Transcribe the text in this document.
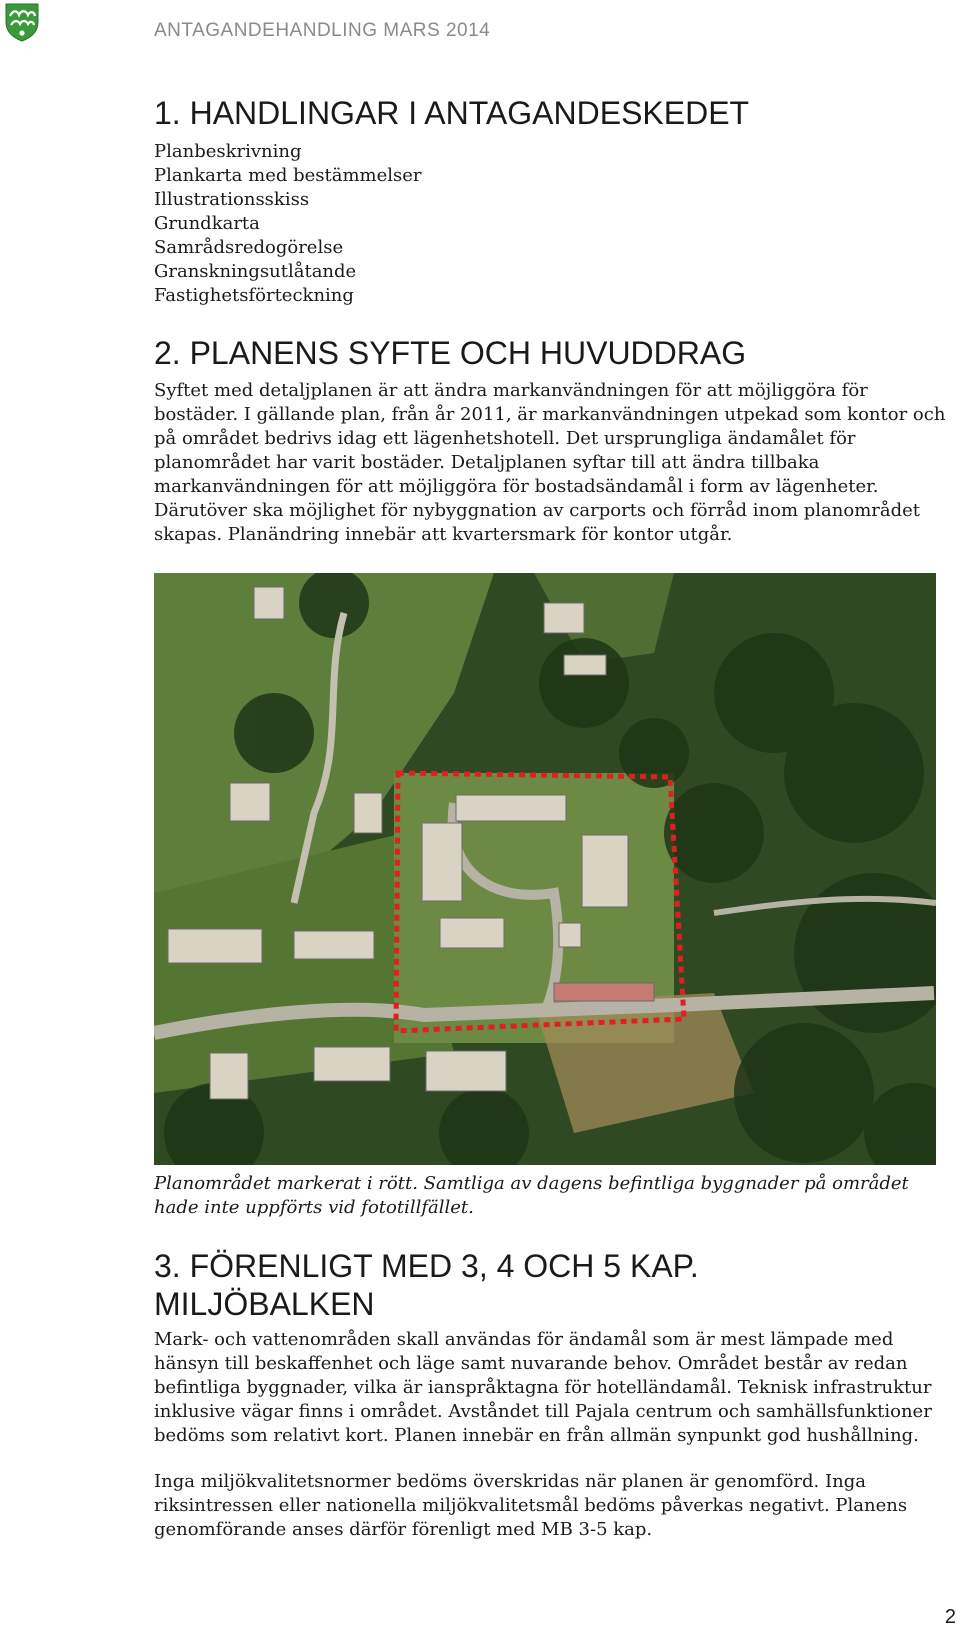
ANTAGANDEHANDLING MARS 2014
1. HANDLINGAR I ANTAGANDESKEDET
Planbeskrivning
Plankarta med bestämmelser
Illustrationsskiss
Grundkarta
Samrådsredogörelse
Granskningsutlåtande
Fastighetsförteckning
2. PLANENS SYFTE OCH HUVUDDRAG
Syftet med detaljplanen är att ändra markanvändningen för att möjliggöra för
bostäder. I gällande plan, från år 2011, är markanvändningen utpekad som kontor och
på området bedrivs idag ett lägenhetshotell. Det ursprungliga ändamålet för
planområdet har varit bostäder. Detaljplanen syftar till att ändra tillbaka
markanvändningen för att möjliggöra för bostadsändamål i form av lägenheter.
Därutöver ska möjlighet för nybyggnation av carports och förråd inom planområdet
skapas. Planändring innebär att kvartersmark för kontor utgår.
Planområdet markerat i rött. Samtliga av dagens befintliga byggnader på området
hade inte uppförts vid fototillfället.
3. FÖRENLIGT MED 3, 4 OCH 5 KAP.
MILJÖBALKEN
Mark- och vattenområden skall användas för ändamål som är mest lämpade med
hänsyn till beskaffenhet och läge samt nuvarande behov. Området består av redan
befintliga byggnader, vilka är ianspråktagna för hotelländamål. Teknisk infrastruktur
inklusive vägar finns i området. Avståndet till Pajala centrum och samhällsfunktioner
bedöms som relativt kort. Planen innebär en från allmän synpunkt god hushållning.
Inga miljökvalitetsnormer bedöms överskridas när planen är genomförd. Inga
riksintressen eller nationella miljökvalitetsmål bedöms påverkas negativt. Planens
genomförande anses därför förenligt med MB 3-5 kap.
2
